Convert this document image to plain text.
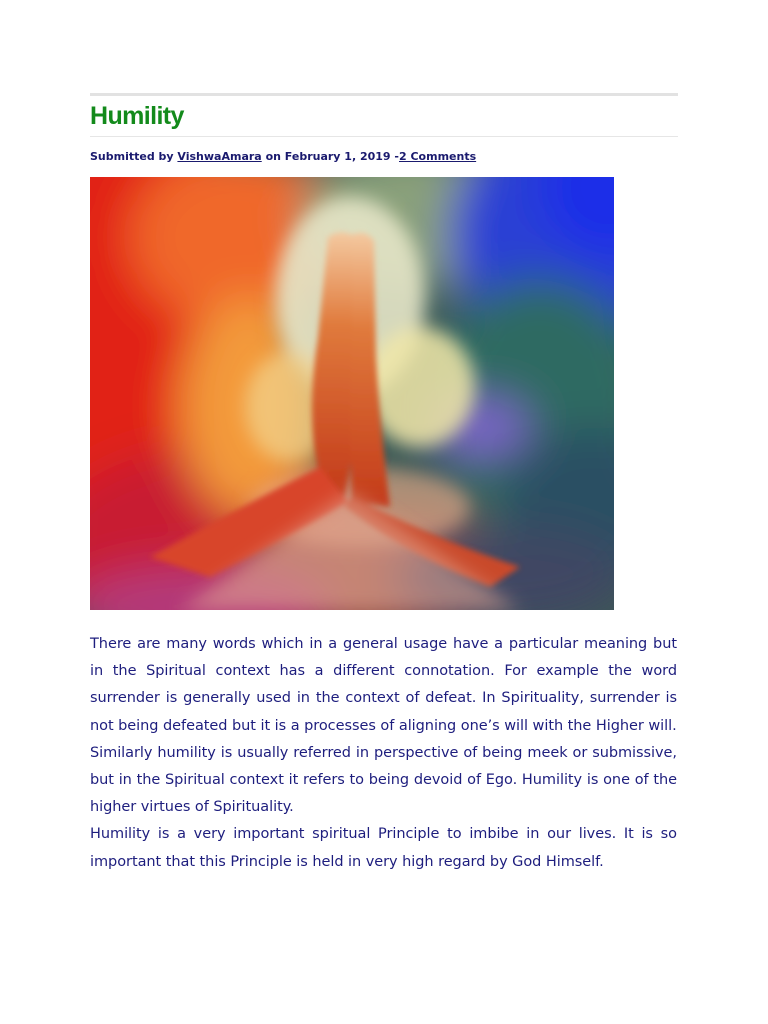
Humility
Submitted by VishwaAmara on February 1, 2019 -2 Comments

There are many words which in a general usage have a particular meaning but in the Spiritual context has a different connotation. For example the word surrender is generally used in the context of defeat. In Spirituality, surrender is not being defeated but it is a processes of aligning one’s will with the Higher will.

Similarly humility is usually referred in perspective of being meek or submissive, but in the Spiritual context it refers to being devoid of Ego. Humility is one of the higher virtues of Spirituality.

Humility is a very important spiritual Principle to imbibe in our lives. It is so important that this Principle is held in very high regard by God Himself.
